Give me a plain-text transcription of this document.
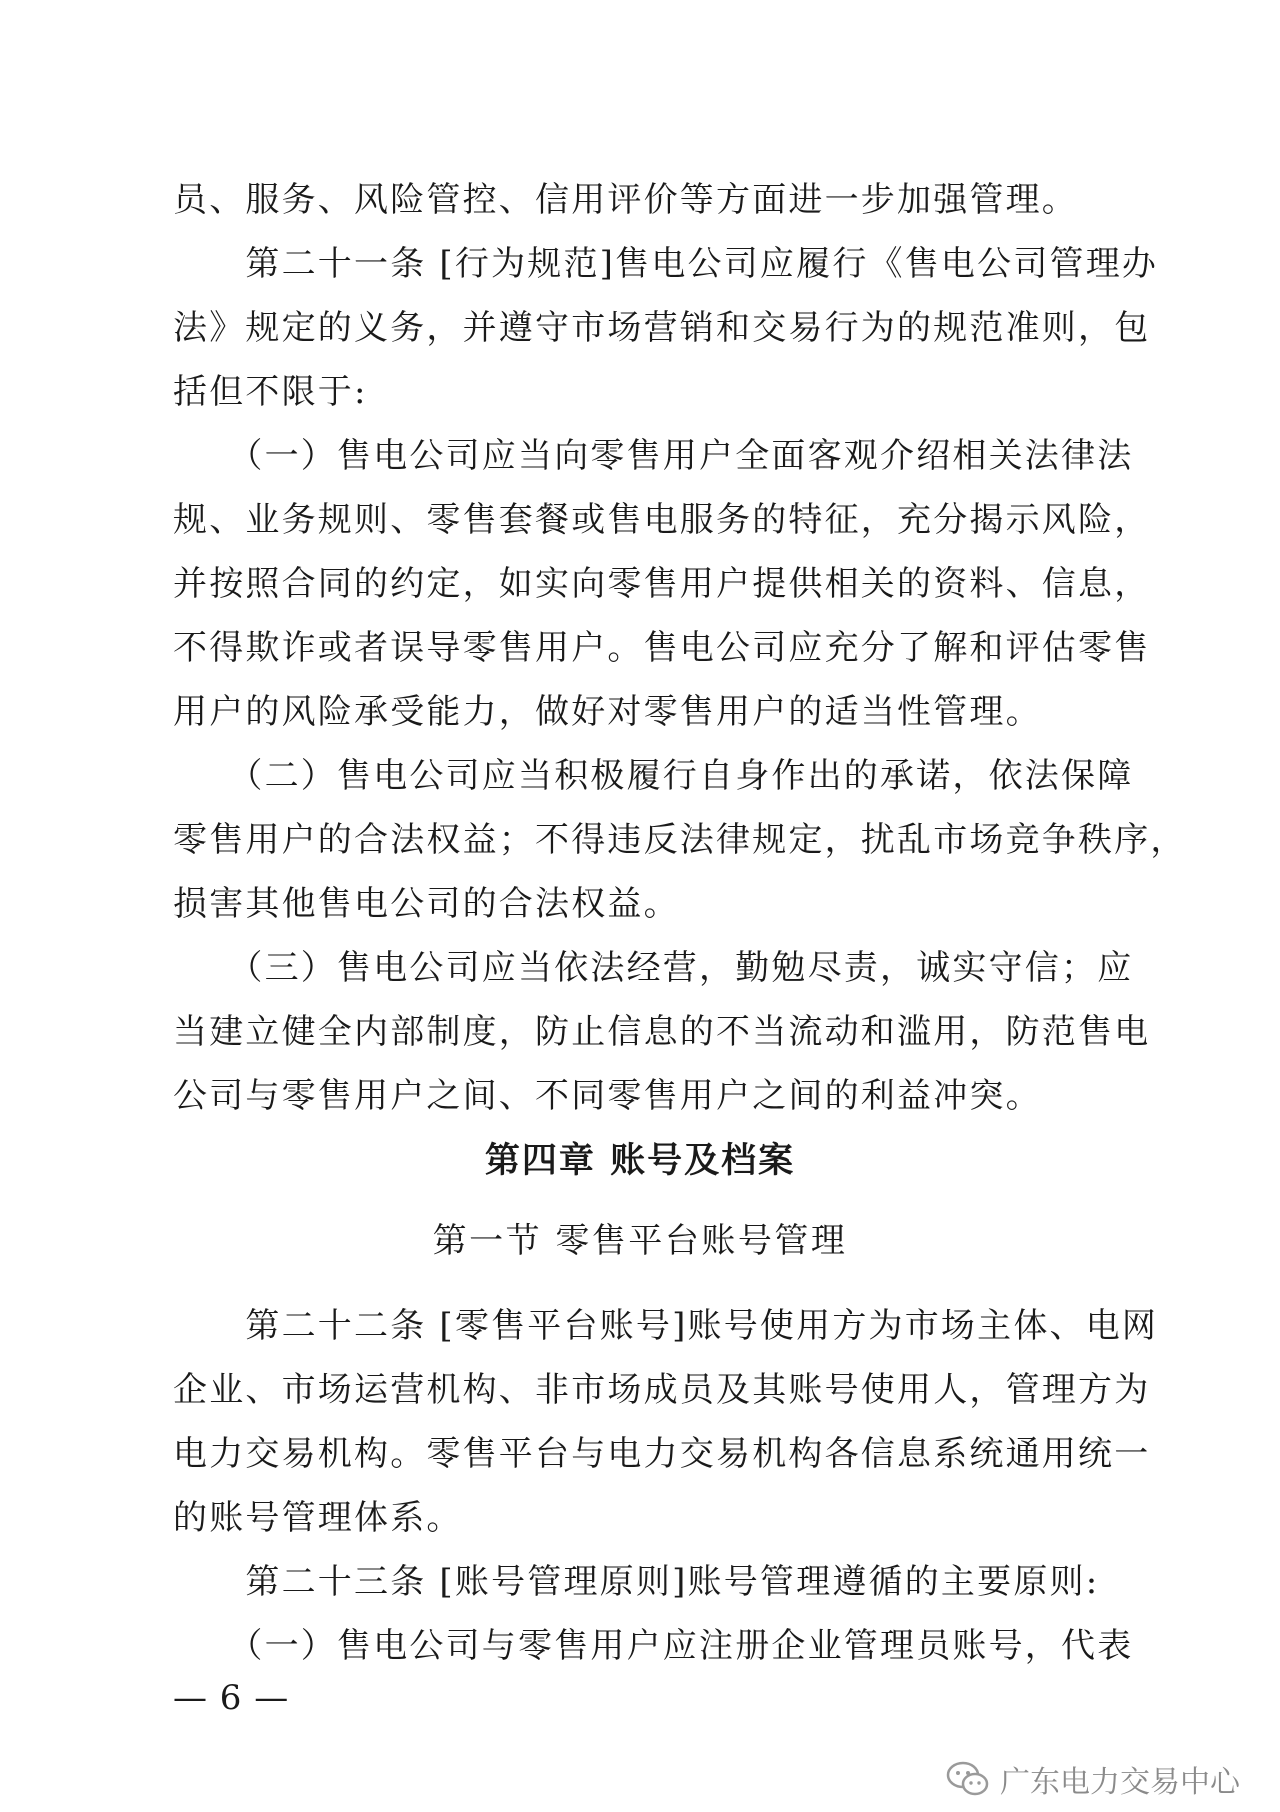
员、服务、风险管控、信用评价等方面进一步加强管理。
　　第二十一条 [行为规范]售电公司应履行《售电公司管理办
法》规定的义务，并遵守市场营销和交易行为的规范准则，包
括但不限于:
　　（一）售电公司应当向零售用户全面客观介绍相关法律法
规、业务规则、零售套餐或售电服务的特征，充分揭示风险，
并按照合同的约定，如实向零售用户提供相关的资料、信息，
不得欺诈或者误导零售用户。售电公司应充分了解和评估零售
用户的风险承受能力，做好对零售用户的适当性管理。
　　（二）售电公司应当积极履行自身作出的承诺，依法保障
零售用户的合法权益；不得违反法律规定，扰乱市场竞争秩序，
损害其他售电公司的合法权益。
　　（三）售电公司应当依法经营，勤勉尽责，诚实守信；应
当建立健全内部制度，防止信息的不当流动和滥用，防范售电
公司与零售用户之间、不同零售用户之间的利益冲突。
第四章 账号及档案
第一节 零售平台账号管理
　　第二十二条 [零售平台账号]账号使用方为市场主体、电网
企业、市场运营机构、非市场成员及其账号使用人，管理方为
电力交易机构。零售平台与电力交易机构各信息系统通用统一
的账号管理体系。
　　第二十三条 [账号管理原则]账号管理遵循的主要原则:
　　（一）售电公司与零售用户应注册企业管理员账号，代表
— 6 —
广东电力交易中心
